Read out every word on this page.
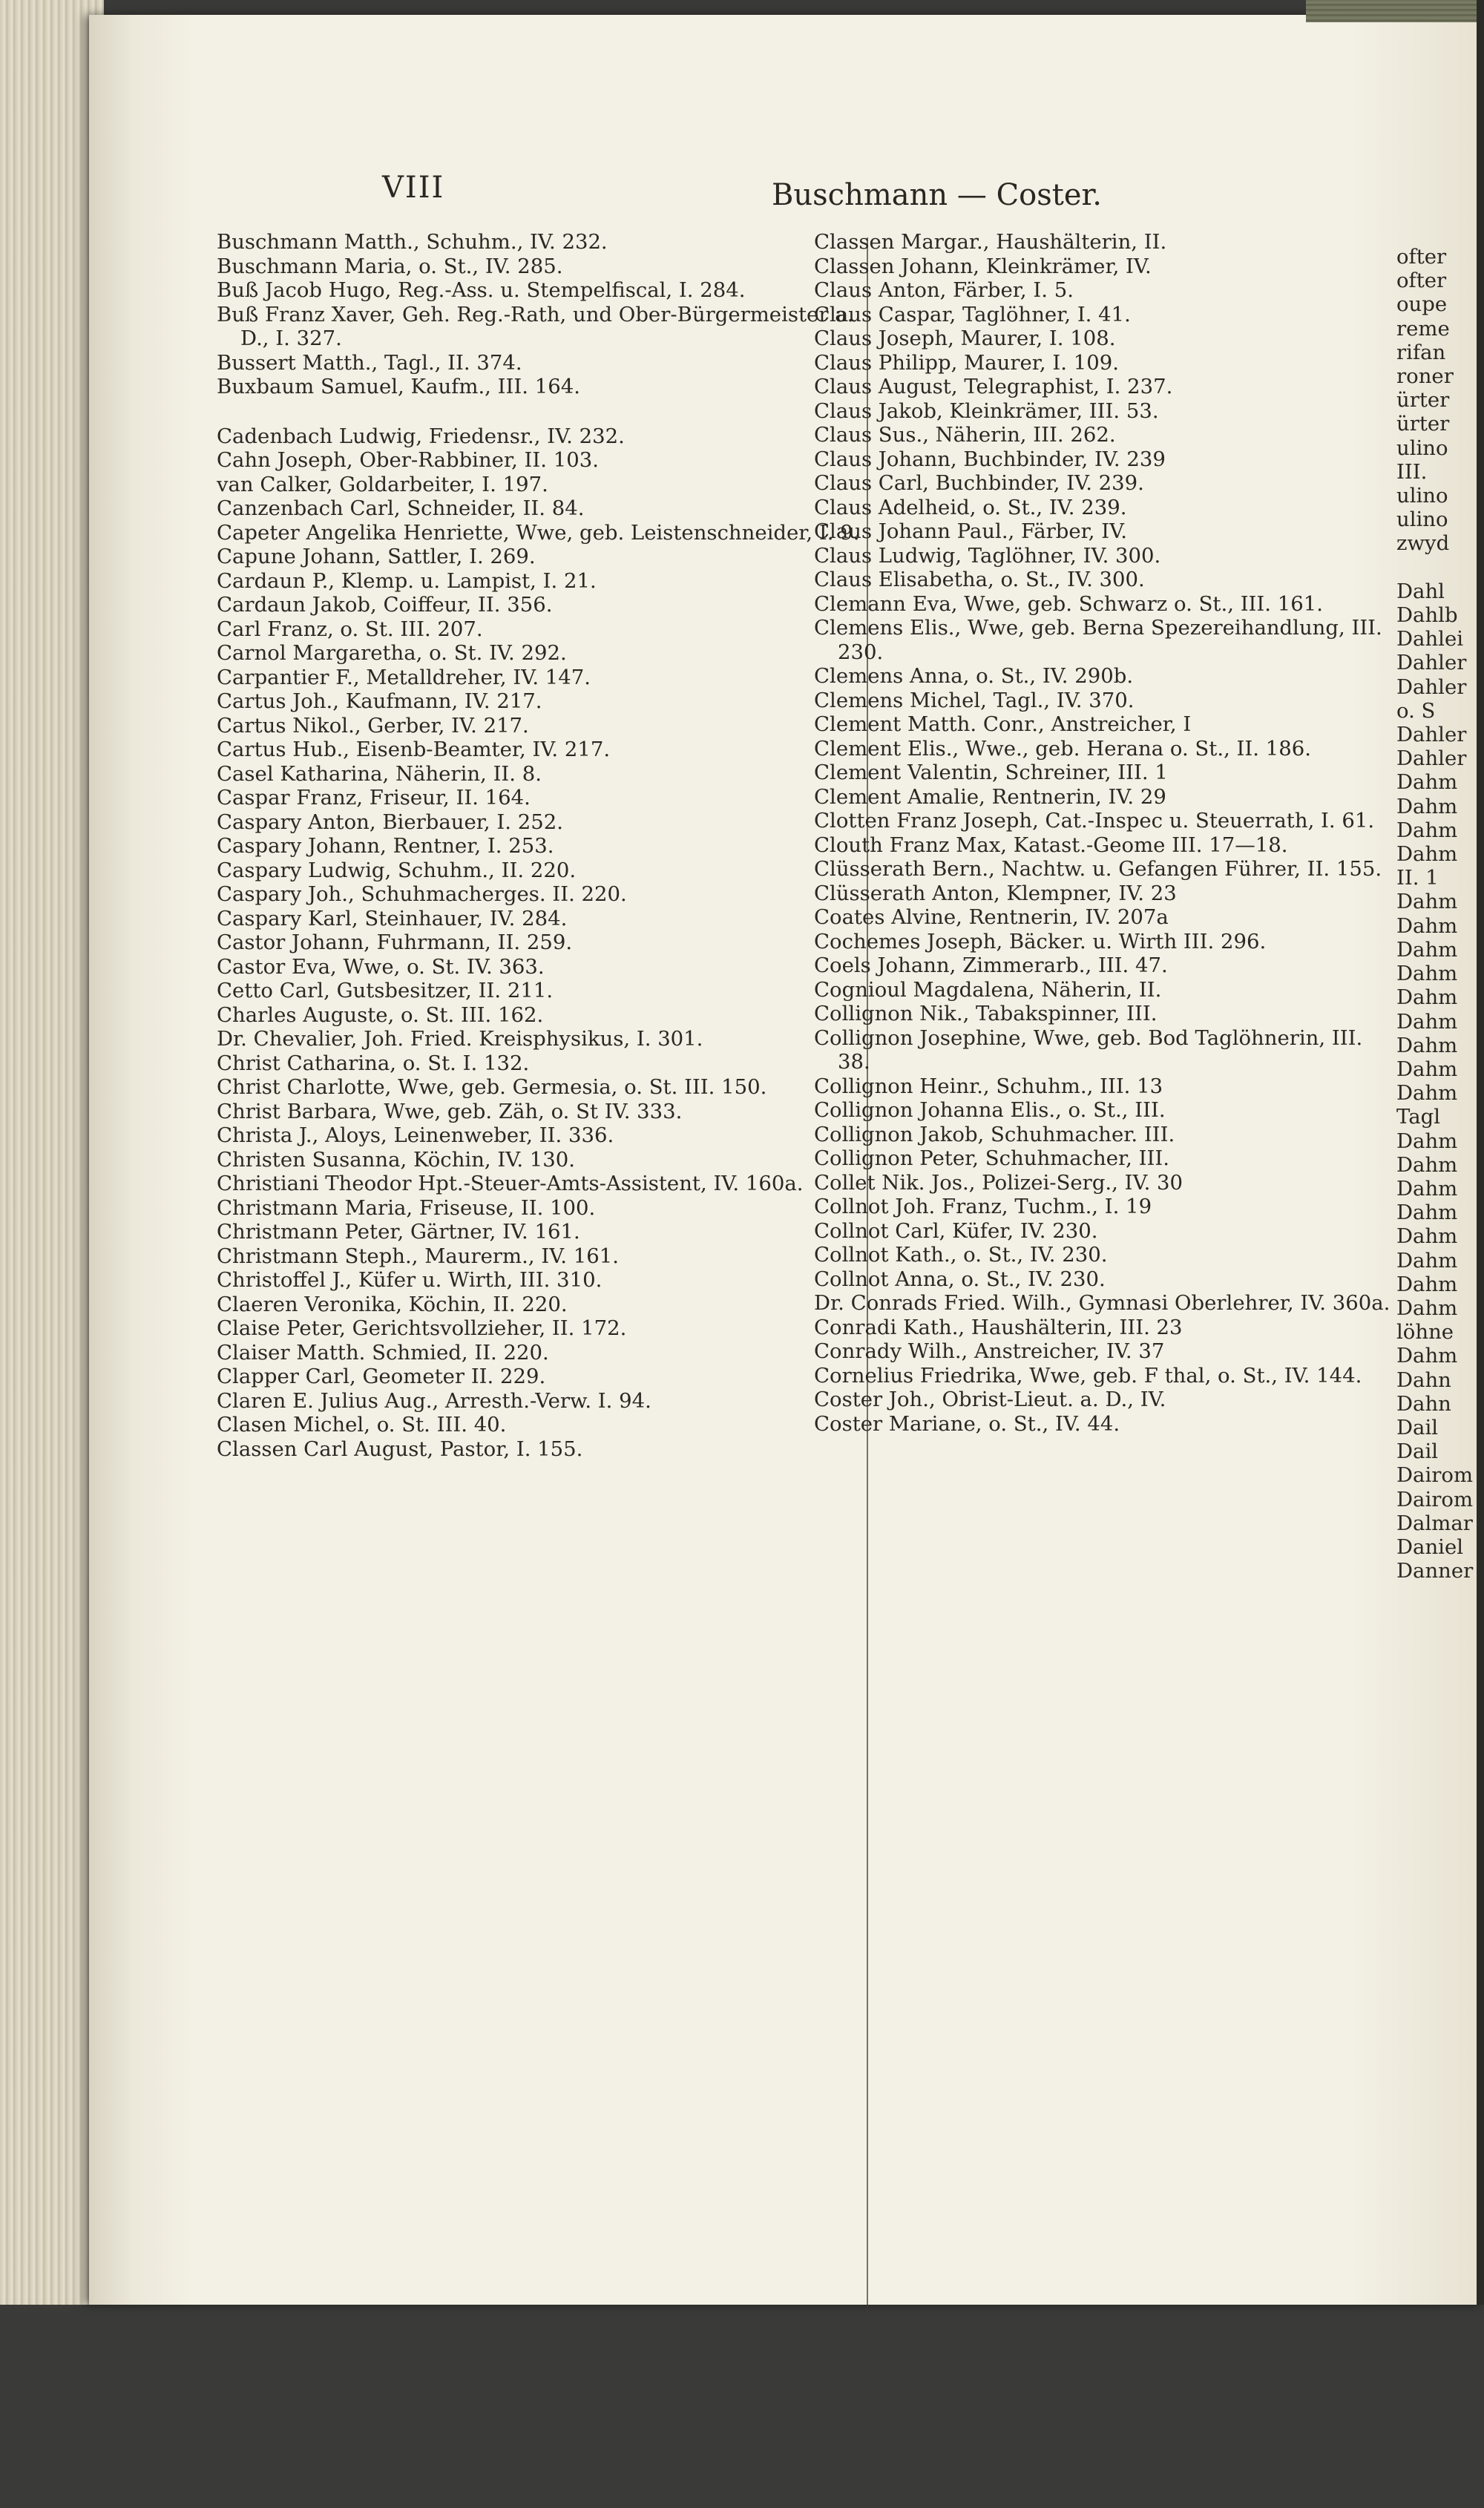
VIII	Buschmann — Coster.

Buschmann Matth., Schuhm., IV. 232.

Buschmann Maria, o. St., IV. 285.

Buß Jacob Hugo, Reg.-Ass. u. Stempelfiscal, I. 284.

Buß Franz Xaver, Geh. Reg.-Rath, und Ober-Bürgermeister a. D., I. 327.

Bussert Matth., Tagl., II. 374.

Buxbaum Samuel, Kaufm., III. 164.

Cadenbach Ludwig, Friedensr., IV. 232.

Cahn Joseph, Ober-Rabbiner, II. 103.

van Calker, Goldarbeiter, I. 197.

Canzenbach Carl, Schneider, II. 84.

Capeter Angelika Henriette, Wwe, geb. Leistenschneider, I. 9.

Capune Johann, Sattler, I. 269.

Cardaun P., Klemp. u. Lampist, I. 21.

Cardaun Jakob, Coiffeur, II. 356.

Carl Franz, o. St. III. 207.

Carnol Margaretha, o. St. IV. 292.

Carpantier F., Metalldreher, IV. 147.

Cartus Joh., Kaufmann, IV. 217.

Cartus Nikol., Gerber, IV. 217.

Cartus Hub., Eisenb-Beamter, IV. 217.

Casel Katharina, Näherin, II. 8.

Caspar Franz, Friseur, II. 164.

Caspary Anton, Bierbauer, I. 252.

Caspary Johann, Rentner, I. 253.

Caspary Ludwig, Schuhm., II. 220.

Caspary Joh., Schuhmacherges. II. 220.

Caspary Karl, Steinhauer, IV. 284.

Castor Johann, Fuhrmann, II. 259.

Castor Eva, Wwe, o. St. IV. 363.

Cetto Carl, Gutsbesitzer, II. 211.

Charles Auguste, o. St. III. 162.

Dr. Chevalier, Joh. Fried. Kreisphysikus, I. 301.

Christ Catharina, o. St. I. 132.

Christ Charlotte, Wwe, geb. Germesia, o. St. III. 150.

Christ Barbara, Wwe, geb. Zäh, o. St IV. 333.

Christa J., Aloys, Leinenweber, II. 336.

Christen Susanna, Köchin, IV. 130.

Christiani Theodor Hpt.-Steuer-Amts-Assistent, IV. 160a.

Christmann Maria, Friseuse, II. 100.

Christmann Peter, Gärtner, IV. 161.

Christmann Steph., Maurerm., IV. 161.

Christoffel J., Küfer u. Wirth, III. 310.

Claeren Veronika, Köchin, II. 220.

Claise Peter, Gerichtsvollzieher, II. 172.

Claiser Matth. Schmied, II. 220.

Clapper Carl, Geometer II. 229.

Claren E. Julius Aug., Arresth.-Verw. I. 94.

Clasen Michel, o. St. III. 40.

Classen Carl August, Pastor, I. 155.

Classen Margar., Haushälterin, II.

Classen Johann, Kleinkrämer, IV.

Claus Anton, Färber, I. 5.

Claus Caspar, Taglöhner, I. 41.

Claus Joseph, Maurer, I. 108.

Claus Philipp, Maurer, I. 109.

Claus August, Telegraphist, I. 237.

Claus Jakob, Kleinkrämer, III. 53.

Claus Sus., Näherin, III. 262.

Claus Johann, Buchbinder, IV. 239

Claus Carl, Buchbinder, IV. 239.

Claus Adelheid, o. St., IV. 239.

Claus Johann Paul., Färber, IV.

Claus Ludwig, Taglöhner, IV. 300.

Claus Elisabetha, o. St., IV. 300.

Clemann Eva, Wwe, geb. Schwarz o. St., III. 161.

Clemens Elis., Wwe, geb. Berna Spezereihandlung, III. 230.

Clemens Anna, o. St., IV. 290b.

Clemens Michel, Tagl., IV. 370.

Clement Matth. Conr., Anstreicher, I

Clement Elis., Wwe., geb. Herana o. St., II. 186.

Clement Valentin, Schreiner, III. 1

Clement Amalie, Rentnerin, IV. 29

Clotten Franz Joseph, Cat.-Inspec u. Steuerrath, I. 61.

Clouth Franz Max, Katast.-Geome III. 17—18.

Clüsserath Bern., Nachtw. u. Gefangen Führer, II. 155.

Clüsserath Anton, Klempner, IV. 23

Coates Alvine, Rentnerin, IV. 207a

Cochemes Joseph, Bäcker. u. Wirth III. 296.

Coels Johann, Zimmerarb., III. 47.

Cognioul Magdalena, Näherin, II.

Collignon Nik., Tabakspinner, III.

Collignon Josephine, Wwe, geb. Bod Taglöhnerin, III. 38.

Collignon Heinr., Schuhm., III. 13

Collignon Johanna Elis., o. St., III.

Collignon Jakob, Schuhmacher. III.

Collignon Peter, Schuhmacher, III.

Collet Nik. Jos., Polizei-Serg., IV. 30

Collnot Joh. Franz, Tuchm., I. 19

Collnot Carl, Küfer, IV. 230.

Collnot Kath., o. St., IV. 230.

Collnot Anna, o. St., IV. 230.

Dr. Conrads Fried. Wilh., Gymnasi Oberlehrer, IV. 360a.

Conradi Kath., Haushälterin, III. 23

Conrady Wilh., Anstreicher, IV. 37

Cornelius Friedrika, Wwe, geb. F thal, o. St., IV. 144.

Coster Joh., Obrist-Lieut. a. D., IV.

Coster Mariane, o. St., IV. 44.

ofter
ofter
oupe
reme
rifan
roner
ürter
ürter
ulino
III.
ulino
ulino
zwyd

Dahl
Dahlb
Dahlei
Dahler
Dahler
o. S
Dahler
Dahler
Dahm
Dahm
Dahm
Dahm
II. 1
Dahm
Dahm
Dahm
Dahm
Dahm
Dahm
Dahm
Dahm
Dahm
Tagl
Dahm
Dahm
Dahm
Dahm
Dahm
Dahm
Dahm
Dahm
löhne
Dahm
Dahn
Dahn
Dail
Dail
Dairom
Dairom
Dalmar
Daniel
Danner
